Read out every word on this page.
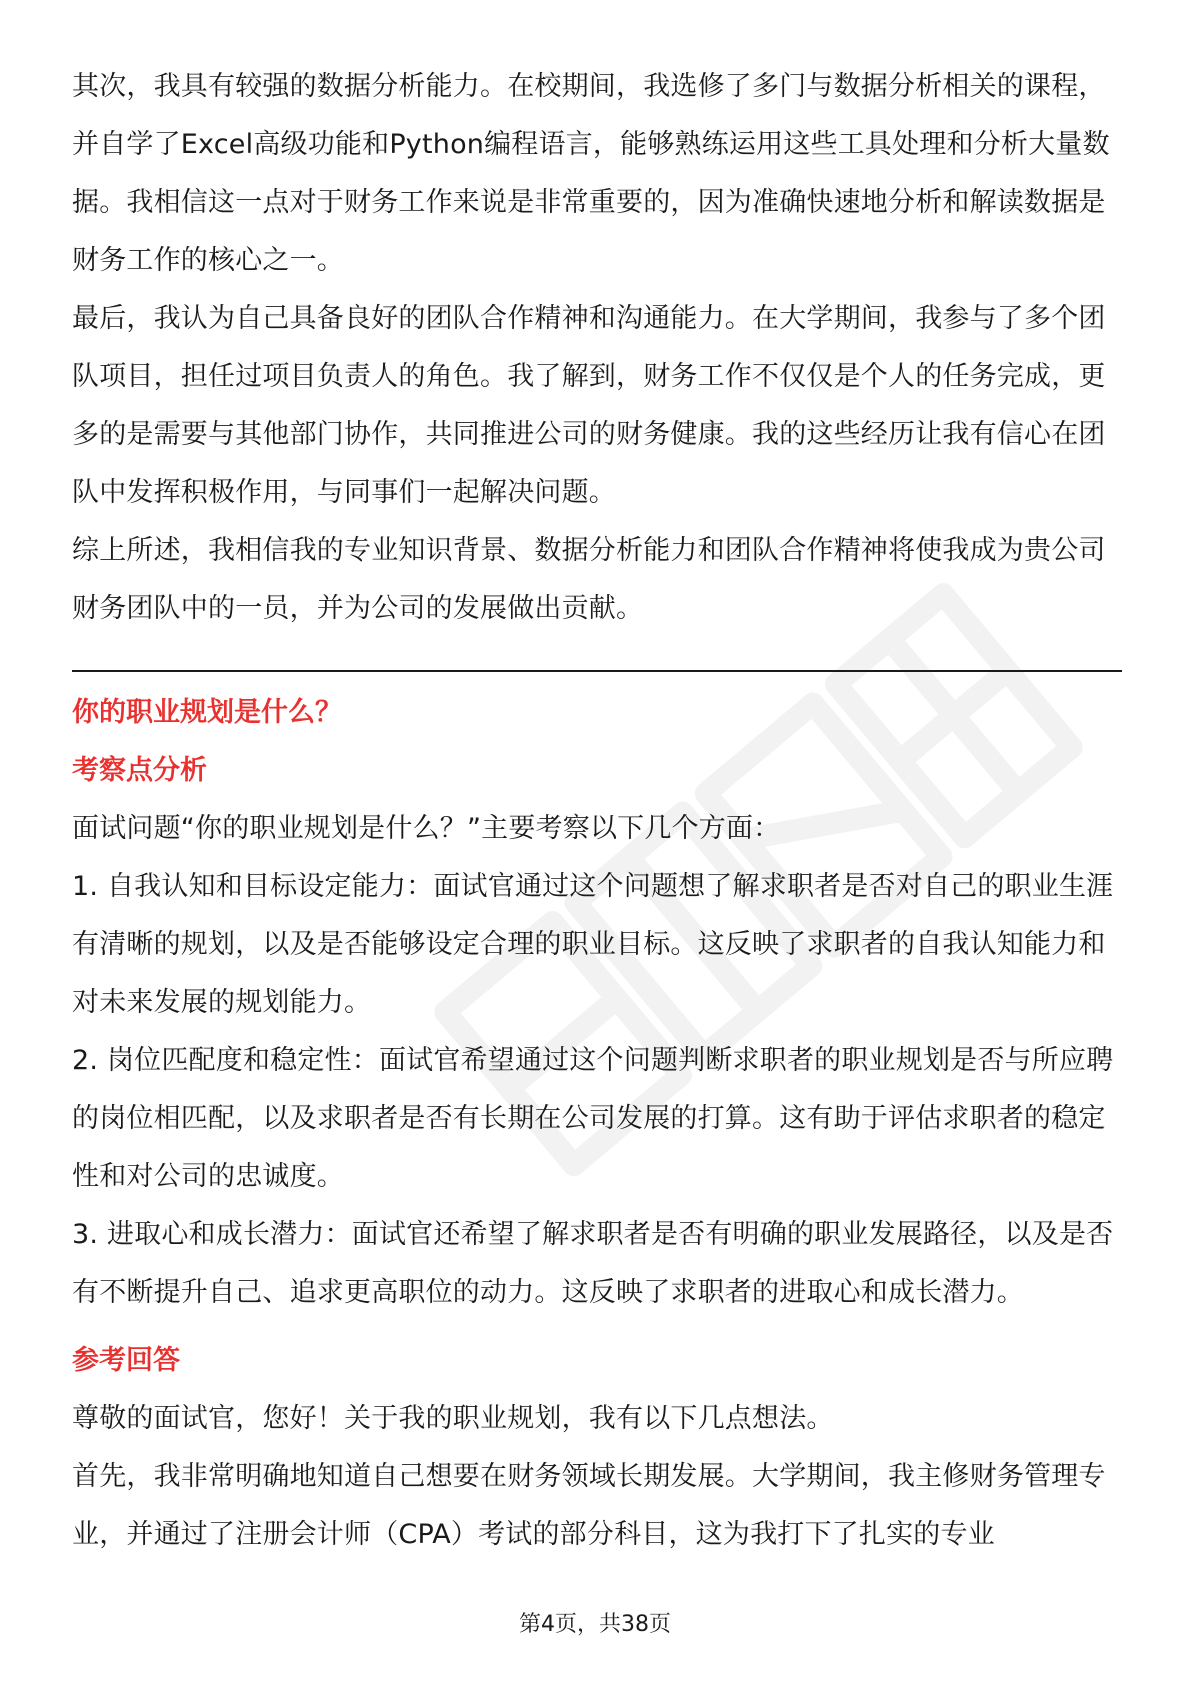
其次，我具有较强的数据分析能力。在校期间，我选修了多门与数据分析相关的课程，并自学了Excel高级功能和Python编程语言，能够熟练运用这些工具处理和分析大量数据。我相信这一点对于财务工作来说是非常重要的，因为准确快速地分析和解读数据是财务工作的核心之一。

最后，我认为自己具备良好的团队合作精神和沟通能力。在大学期间，我参与了多个团队项目，担任过项目负责人的角色。我了解到，财务工作不仅仅是个人的任务完成，更多的是需要与其他部门协作，共同推进公司的财务健康。我的这些经历让我有信心在团队中发挥积极作用，与同事们一起解决问题。

综上所述，我相信我的专业知识背景、数据分析能力和团队合作精神将使我成为贵公司财务团队中的一员，并为公司的发展做出贡献。

你的职业规划是什么？
考察点分析

面试问题“你的职业规划是什么？”主要考察以下几个方面：

1. 自我认知和目标设定能力：面试官通过这个问题想了解求职者是否对自己的职业生涯有清晰的规划，以及是否能够设定合理的职业目标。这反映了求职者的自我认知能力和对未来发展的规划能力。

2. 岗位匹配度和稳定性：面试官希望通过这个问题判断求职者的职业规划是否与所应聘的岗位相匹配，以及求职者是否有长期在公司发展的打算。这有助于评估求职者的稳定性和对公司的忠诚度。

3. 进取心和成长潜力：面试官还希望了解求职者是否有明确的职业发展路径，以及是否有不断提升自己、追求更高职位的动力。这反映了求职者的进取心和成长潜力。

参考回答

尊敬的面试官，您好！关于我的职业规划，我有以下几点想法。

首先，我非常明确地知道自己想要在财务领域长期发展。大学期间，我主修财务管理专业，并通过了注册会计师（CPA）考试的部分科目，这为我打下了扎实的专业

第4页，共38页
